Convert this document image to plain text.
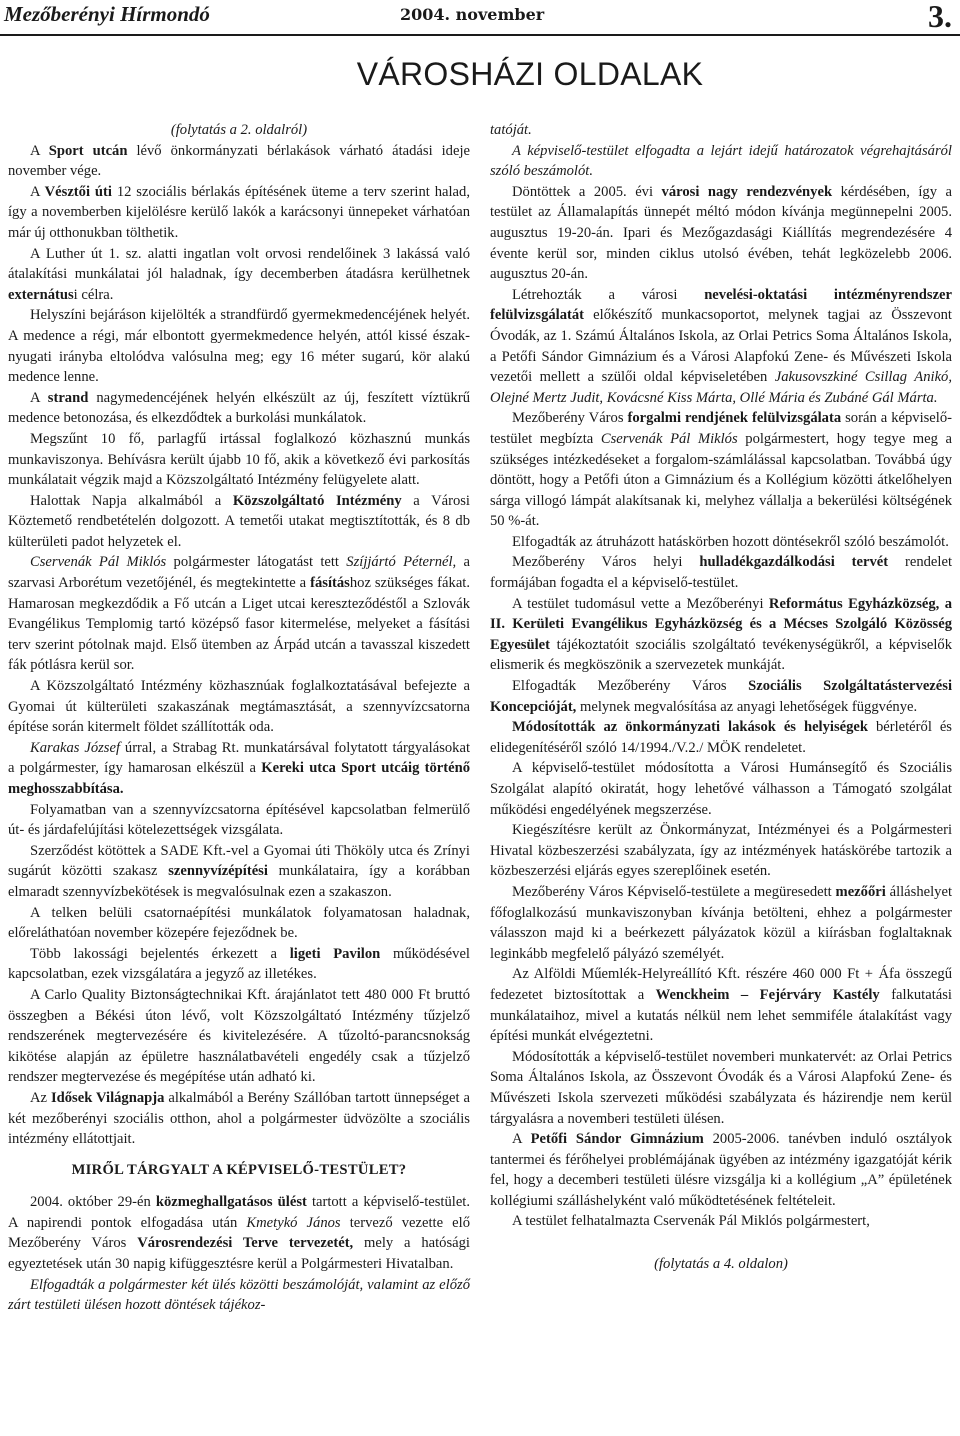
Mezőberényi Hírmondó	2004. november	3.
VÁROSHÁZI OLDALAK

(folytatás a 2. oldalról)

A Sport utcán lévő önkormányzati bérlakások várható átadási ideje november vége.

A Vésztői úti 12 szociális bérlakás építésének üteme a terv szerint halad, így a novemberben kijelölésre kerülő lakók a karácsonyi ünnepeket várhatóan már új otthonukban tölthetik.

A Luther út 1. sz. alatti ingatlan volt orvosi rendelőinek 3 lakássá való átalakítási munkálatai jól haladnak, így decemberben átadásra kerülhetnek externátusi célra.

Helyszíni bejáráson kijelölték a strandfürdő gyermekmedencéjének helyét. A medence a régi, már elbontott gyermekmedence helyén, attól kissé észak-nyugati irányba eltolódva valósulna meg; egy 16 méter sugarú, kör alakú medence lenne.

A strand nagymedencéjének helyén elkészült az új, feszített víztükrű medence betonozása, és elkezdődtek a burkolási munkálatok.

Megszűnt 10 fő, parlagfű irtással foglalkozó közhasznú munkás munkaviszonya. Behívásra került újabb 10 fő, akik a következő évi parkosítás munkálatait végzik majd a Közszolgáltató Intézmény felügyelete alatt.

Halottak Napja alkalmából a Közszolgáltató Intézmény a Városi Köztemető rendbetételén dolgozott. A temetői utakat megtisztították, és 8 db külterületi padot helyzetek el.

Cservenák Pál Miklós polgármester látogatást tett Szíjjártó Péternél, a szarvasi Arborétum vezetőjénél, és megtekintette a fásításhoz szükséges fákat. Hamarosan megkezdődik a Fő utcán a Liget utcai kereszteződéstől a Szlovák Evangélikus Templomig tartó középső fasor kitermelése, melyeket a fásítási terv szerint pótolnak majd. Első ütemben az Árpád utcán a tavasszal kiszedett fák pótlásra kerül sor.

A Közszolgáltató Intézmény közhasznúak foglalkoztatásával befejezte a Gyomai út külterületi szakaszának megtámasztását, a szennyvízcsatorna építése során kitermelt földet szállították oda.

Karakas József úrral, a Strabag Rt. munkatársával folytatott tárgyalásokat a polgármester, így hamarosan elkészül a Kereki utca Sport utcáig történő meghosszabbítása.

Folyamatban van a szennyvízcsatorna építésével kapcsolatban felmerülő út- és járdafelújítási kötelezettségek vizsgálata.

Szerződést kötöttek a SADE Kft.-vel a Gyomai úti Thököly utca és Zrínyi sugárút közötti szakasz szennyvízépítési munkálataira, így a korábban elmaradt szennyvízbekötések is megvalósulnak ezen a szakaszon.

A telken belüli csatornaépítési munkálatok folyamatosan haladnak, előreláthatóan november közepére fejeződnek be.

Több lakossági bejelentés érkezett a ligeti Pavilon működésével kapcsolatban, ezek vizsgálatára a jegyző az illetékes.

A Carlo Quality Biztonságtechnikai Kft. árajánlatot tett 480 000 Ft bruttó összegben a Békési úton lévő, volt Közszolgáltató Intézmény tűzjelző rendszerének megtervezésére és kivitelezésére. A tűzoltó-parancsnokság kikötése alapján az épületre használatbavételi engedély csak a tűzjelző rendszer megtervezése és megépítése után adható ki.

Az Idősek Világnapja alkalmából a Berény Szállóban tartott ünnepséget a két mezőberényi szociális otthon, ahol a polgármester üdvözölte a szociális intézmény ellátottjait.

MIRŐL TÁRGYALT A KÉPVISELŐ-TESTÜLET?

2004. október 29-én közmeghallgatásos ülést tartott a képviselő-testület. A napirendi pontok elfogadása után Kmetykó János tervező vezette elő Mezőberény Város Városrendezési Terve tervezetét, mely a hatósági egyeztetések után 30 napig kifüggesztésre kerül a Polgármesteri Hivatalban.

Elfogadták a polgármester két ülés közötti beszámolóját, valamint az előző zárt testületi ülésen hozott döntések tájékoz-

tatóját.

A képviselő-testület elfogadta a lejárt idejű határozatok végrehajtásáról szóló beszámolót.

Döntöttek a 2005. évi városi nagy rendezvények kérdésében, így a testület az Államalapítás ünnepét méltó módon kívánja megünnepelni 2005. augusztus 19-20-án. Ipari és Mezőgazdasági Kiállítás megrendezésére 4 évente kerül sor, minden ciklus utolsó évében, tehát legközelebb 2006. augusztus 20-án.

Létrehozták a városi nevelési-oktatási intézményrendszer felülvizsgálatát előkészítő munkacsoportot, melynek tagjai az Összevont Óvodák, az 1. Számú Általános Iskola, az Orlai Petrics Soma Általános Iskola, a Petőfi Sándor Gimnázium és a Városi Alapfokú Zene- és Művészeti Iskola vezetői mellett a szülői oldal képviseletében Jakusovszkiné Csillag Anikó, Olejné Mertz Judit, Kovácsné Kiss Márta, Ollé Mária és Zubáné Gál Márta.

Mezőberény Város forgalmi rendjének felülvizsgálata során a képviselő-testület megbízta Cservenák Pál Miklós polgármestert, hogy tegye meg a szükséges intézkedéseket a forgalom-számlálással kapcsolatban. Továbbá úgy döntött, hogy a Petőfi úton a Gimnázium és a Kollégium közötti átkelőhelyen sárga villogó lámpát alakítsanak ki, melyhez vállalja a bekerülési költségének 50 %-át.

Elfogadták az átruházott hatáskörben hozott döntésekről szóló beszámolót.

Mezőberény Város helyi hulladékgazdálkodási tervét rendelet formájában fogadta el a képviselő-testület.

A testület tudomásul vette a Mezőberényi Református Egyházközség, a II. Kerületi Evangélikus Egyházközség és a Mécses Szolgáló Közösség Egyesület tájékoztatóit szociális szolgáltató tevékenységükről, a képviselők elismerik és megköszönik a szervezetek munkáját.

Elfogadták Mezőberény Város Szociális Szolgáltatástervezési Koncepcióját, melynek megvalósítása az anyagi lehetőségek függvénye.

Módosították az önkormányzati lakások és helyiségek bérletéről és elidegenítéséről szóló 14/1994./V.2./ MÖK rendeletet.

A képviselő-testület módosította a Városi Humánsegítő és Szociális Szolgálat alapító okiratát, hogy lehetővé válhasson a Támogató szolgálat működési engedélyének megszerzése.

Kiegészítésre került az Önkormányzat, Intézményei és a Polgármesteri Hivatal közbeszerzési szabályzata, így az intézmények hatáskörébe tartozik a közbeszerzési eljárás egyes szereplőinek esetén.

Mezőberény Város Képviselő-testülete a megüresedett mezőőri álláshelyet főfoglalkozású munkaviszonyban kívánja betölteni, ehhez a polgármester válasszon majd ki a beérkezett pályázatok közül a kiírásban foglaltaknak leginkább megfelelő pályázó személyét.

Az Alföldi Műemlék-Helyreállító Kft. részére 460 000 Ft + Áfa összegű fedezetet biztosítottak a Wenckheim – Fejérváry Kastély falkutatási munkálataihoz, mivel a kutatás nélkül nem lehet semmiféle átalakítást vagy építési munkát elvégeztetni.

Módosították a képviselő-testület novemberi munkatervét: az Orlai Petrics Soma Általános Iskola, az Összevont Óvodák és a Városi Alapfokú Zene- és Művészeti Iskola szervezeti működési szabályzata és házirendje nem kerül tárgyalásra a novemberi testületi ülésen.

A Petőfi Sándor Gimnázium 2005-2006. tanévben induló osztályok tantermei és férőhelyei problémájának ügyében az intézmény igazgatóját kérik fel, hogy a decemberi testületi ülésre vizsgálja ki a kollégium „A” épületének kollégiumi szálláshelyként való működtetésének feltételeit.

A testület felhatalmazta Cservenák Pál Miklós polgármestert,

(folytatás a 4. oldalon)
